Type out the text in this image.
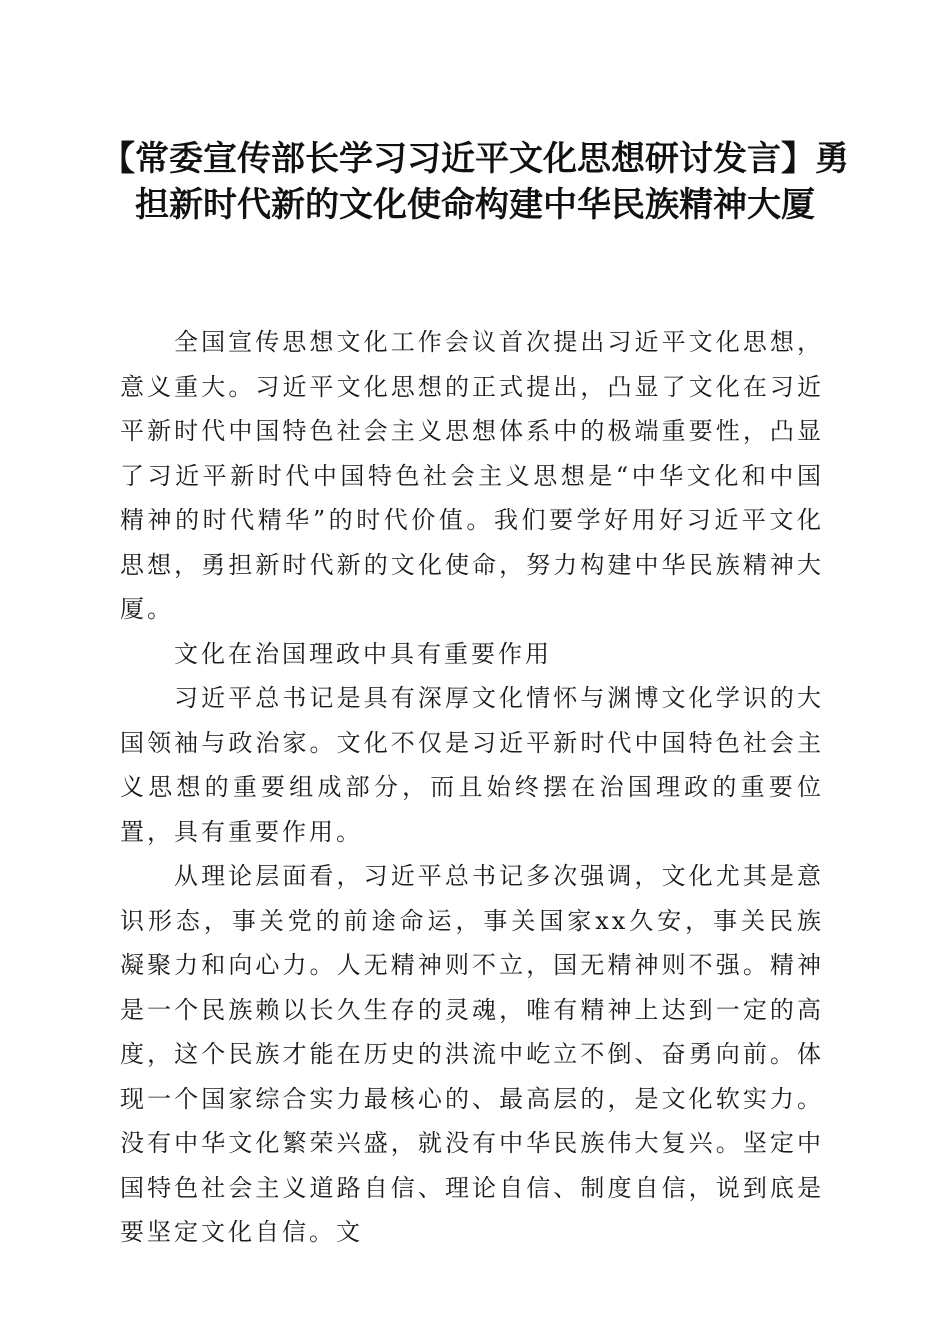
【常委宣传部长学习习近平文化思想研讨发言】勇担新时代新的文化使命构建中华民族精神大厦

全国宣传思想文化工作会议首次提出习近平文化思想，意义重大。习近平文化思想的正式提出，凸显了文化在习近平新时代中国特色社会主义思想体系中的极端重要性，凸显了习近平新时代中国特色社会主义思想是“中华文化和中国精神的时代精华”的时代价值。我们要学好用好习近平文化思想，勇担新时代新的文化使命，努力构建中华民族精神大厦。

文化在治国理政中具有重要作用

习近平总书记是具有深厚文化情怀与渊博文化学识的大国领袖与政治家。文化不仅是习近平新时代中国特色社会主义思想的重要组成部分，而且始终摆在治国理政的重要位置，具有重要作用。

从理论层面看，习近平总书记多次强调，文化尤其是意识形态，事关党的前途命运，事关国家xx久安，事关民族凝聚力和向心力。人无精神则不立，国无精神则不强。精神是一个民族赖以长久生存的灵魂，唯有精神上达到一定的高度，这个民族才能在历史的洪流中屹立不倒、奋勇向前。体现一个国家综合实力最核心的、最高层的，是文化软实力。没有中华文化繁荣兴盛，就没有中华民族伟大复兴。坚定中国特色社会主义道路自信、理论自信、制度自信，说到底是要坚定文化自信。文
